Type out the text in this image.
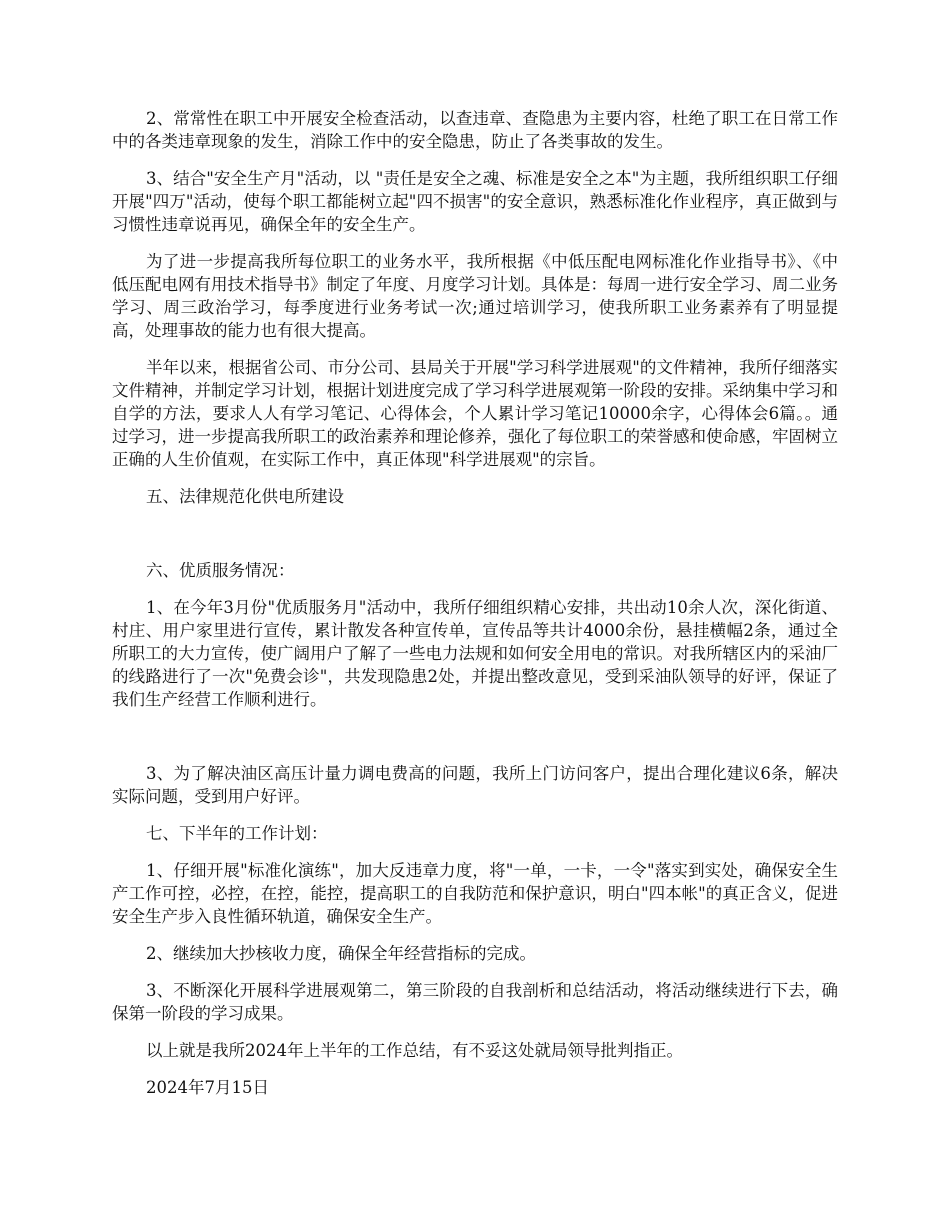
2、常常性在职工中开展安全检查活动，以查违章、查隐患为主要内容，杜绝了职工在日常工作中的各类违章现象的发生，消除工作中的安全隐患，防止了各类事故的发生。

3、结合"安全生产月"活动，以 "责任是安全之魂、标准是安全之本"为主题，我所组织职工仔细开展"四万"活动，使每个职工都能树立起"四不损害"的安全意识，熟悉标准化作业程序，真正做到与习惯性违章说再见，确保全年的安全生产。

为了进一步提高我所每位职工的业务水平，我所根据《中低压配电网标准化作业指导书》、《中低压配电网有用技术指导书》制定了年度、月度学习计划。具体是：每周一进行安全学习、周二业务学习、周三政治学习，每季度进行业务考试一次;通过培训学习，使我所职工业务素养有了明显提高，处理事故的能力也有很大提高。

半年以来，根据省公司、市分公司、县局关于开展"学习科学进展观"的文件精神，我所仔细落实文件精神，并制定学习计划，根据计划进度完成了学习科学进展观第一阶段的安排。采纳集中学习和自学的方法，要求人人有学习笔记、心得体会，个人累计学习笔记10000余字，心得体会6篇。。通过学习，进一步提高我所职工的政治素养和理论修养，强化了每位职工的荣誉感和使命感，牢固树立正确的人生价值观，在实际工作中，真正体现"科学进展观"的宗旨。

五、法律规范化供电所建设

六、优质服务情况：

1、在今年3月份"优质服务月"活动中，我所仔细组织精心安排，共出动10余人次，深化街道、村庄、用户家里进行宣传，累计散发各种宣传单，宣传品等共计4000余份，悬挂横幅2条，通过全所职工的大力宣传，使广阔用户了解了一些电力法规和如何安全用电的常识。对我所辖区内的采油厂的线路进行了一次"免费会诊"，共发现隐患2处，并提出整改意见，受到采油队领导的好评，保证了我们生产经营工作顺利进行。

3、为了解决油区高压计量力调电费高的问题，我所上门访问客户，提出合理化建议6条，解决实际问题，受到用户好评。

七、下半年的工作计划：

1、仔细开展"标准化演练"，加大反违章力度，将"一单，一卡，一令"落实到实处，确保安全生产工作可控，必控，在控，能控，提高职工的自我防范和保护意识，明白"四本帐"的真正含义，促进安全生产步入良性循环轨道，确保安全生产。

2、继续加大抄核收力度，确保全年经营指标的完成。

3、不断深化开展科学进展观第二，第三阶段的自我剖析和总结活动，将活动继续进行下去，确保第一阶段的学习成果。

以上就是我所2024年上半年的工作总结，有不妥这处就局领导批判指正。

2024年7月15日
